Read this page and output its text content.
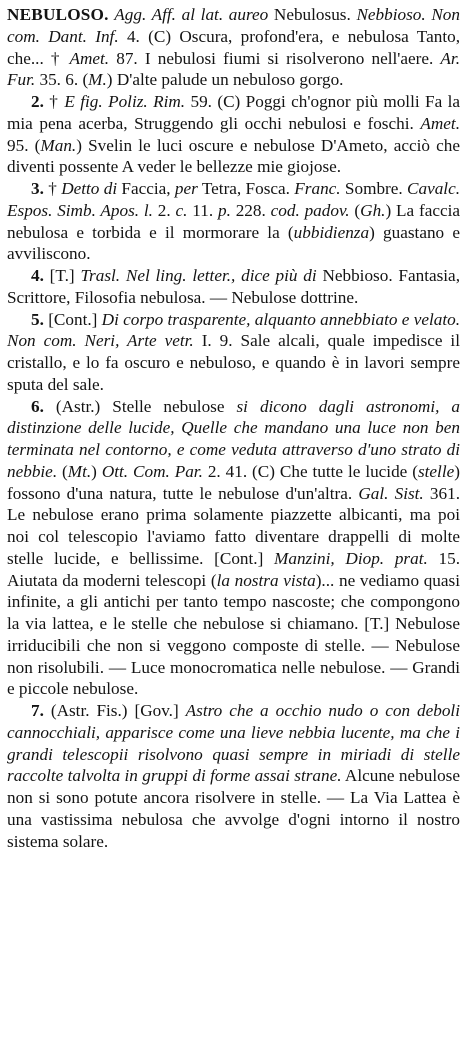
NEBULOSO. Agg. Aff. al lat. aureo Nebulosus. Nebbioso. Non com. Dant. Inf. 4. (C) Oscura, profond'era, e nebulosa Tanto, che... † Amet. 87. I nebulosi fiumi si risolverono nell'aere. Ar. Fur. 35. 6. (M.) D'alte palude un nebuloso gorgo.

2. † E fig. Poliz. Rim. 59. (C) Poggi ch'ognor più molli Fa la mia pena acerba, Struggendo gli occhi nebulosi e foschi. Amet. 95. (Man.) Svelin le luci oscure e nebulose D'Ameto, acciò che diventi possente A veder le bellezze mie giojose.

3. † Detto di Faccia, per Tetra, Fosca. Franc. Sombre. Cavalc. Espos. Simb. Apos. l. 2. c. 11. p. 228. cod. padov. (Gh.) La faccia nebulosa e torbida e il mormorare la (ubbidienza) guastano e avviliscono.

4. [T.] Trasl. Nel ling. letter., dice più di Nebbioso. Fantasia, Scrittore, Filosofia nebulosa. — Nebulose dottrine.

5. [Cont.] Di corpo trasparente, alquanto annebbiato e velato. Non com. Neri, Arte vetr. I. 9. Sale alcali, quale impedisce il cristallo, e lo fa oscuro e nebuloso, e quando è in lavori sempre sputa del sale.

6. (Astr.) Stelle nebulose si dicono dagli astronomi, a distinzione delle lucide, Quelle che mandano una luce non ben terminata nel contorno, e come veduta attraverso d'uno strato di nebbie. (Mt.) Ott. Com. Par. 2. 41. (C) Che tutte le lucide (stelle) fossono d'una natura, tutte le nebulose d'un'altra. Gal. Sist. 361. Le nebulose erano prima solamente piazzette albicanti, ma poi noi col telescopio l'aviamo fatto diventare drappelli di molte stelle lucide, e bellissime. [Cont.] Manzini, Diop. prat. 15. Aiutata da moderni telescopi (la nostra vista)... ne vediamo quasi infinite, a gli antichi per tanto tempo nascoste; che compongono la via lattea, e le stelle che nebulose si chiamano. [T.] Nebulose irriducibili che non si veggono composte di stelle. — Nebulose non risolubili. — Luce monocromatica nelle nebulose. — Grandi e piccole nebulose.

7. (Astr. Fis.) [Gov.] Astro che a occhio nudo o con deboli cannocchiali, apparisce come una lieve nebbia lucente, ma che i grandi telescopii risolvono quasi sempre in miriadi di stelle raccolte talvolta in gruppi di forme assai strane. Alcune nebulose non si sono potute ancora risolvere in stelle. — La Via Lattea è una vastissima nebulosa che avvolge d'ogni intorno il nostro sistema solare.
